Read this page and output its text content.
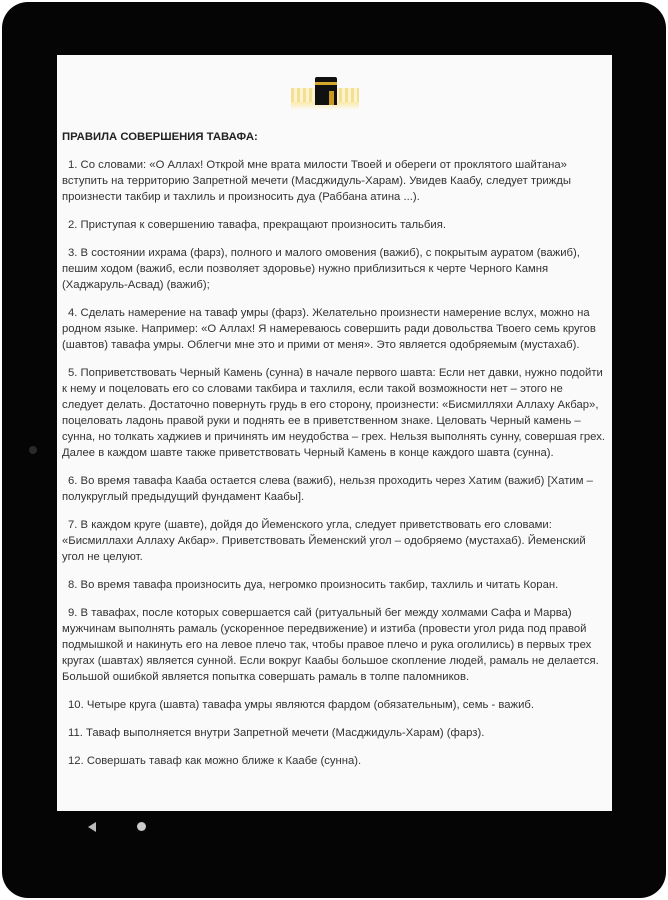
ПРАВИЛА СОВЕРШЕНИЯ ТАВАФА:

1. Со словами: «О Аллах! Открой мне врата милости Твоей и обереги от проклятого шайтана» вступить на территорию Запретной мечети (Масджидуль-Харам). Увидев Каабу, следует трижды произнести такбир и тахлиль и произносить дуа (Раббана атина ...).

2. Приступая к совершению тавафа, прекращают произносить тальбия.

3. В состоянии ихрама (фарз), полного и малого омовения (важиб), с покрытым ауратом (важиб), пешим ходом (важиб, если позволяет здоровье) нужно приблизиться к черте Черного Камня (Хаджаруль-Асвад) (важиб);

4. Сделать намерение на таваф умры (фарз). Желательно произнести намерение вслух, можно на родном языке. Например: «О Аллах! Я намереваюсь совершить ради довольства Твоего семь кругов (шавтов) тавафа умры. Облегчи мне это и прими от меня». Это является одобряемым (мустахаб).

5. Поприветствовать Черный Камень (сунна) в начале первого шавта: Если нет давки, нужно подойти к нему и поцеловать его со словами такбира и тахлиля, если такой возможности нет – этого не следует делать. Достаточно повернуть грудь в его сторону, произнести: «Бисмилляхи Аллаху Акбар», поцеловать ладонь правой руки и поднять ее в приветственном знаке. Целовать Черный камень – сунна, но толкать хаджиев и причинять им неудобства – грех. Нельзя выполнять сунну, совершая грех. Далее в каждом шавте также приветствовать Черный Камень в конце каждого шавта (сунна).

6. Во время тавафа Кааба остается слева (важиб), нельзя проходить через Хатим (важиб) [Хатим – полукруглый предыдущий фундамент Каабы].

7. В каждом круге (шавте), дойдя до Йеменского угла, следует приветствовать его словами: «Бисмиллахи Аллаху Акбар». Приветствовать Йеменский угол – одобряемо (мустахаб). Йеменский угол не целуют.

8. Во время тавафа произносить дуа, негромко произносить такбир, тахлиль и читать Коран.

9. В тавафах, после которых совершается сай (ритуальный бег между холмами Сафа и Марва) мужчинам выполнять рамаль (ускоренное передвижение) и изтиба (провести угол рида под правой подмышкой и накинуть его на левое плечо так, чтобы правое плечо и рука оголились) в первых трех кругах (шавтах) является сунной. Если вокруг Каабы большое скопление людей, рамаль не делается. Большой ошибкой является попытка совершать рамаль в толпе паломников.

10. Четыре круга (шавта) тавафа умры являются фардом (обязательным), семь - важиб.

11. Таваф выполняется внутри Запретной мечети (Масджидуль-Харам) (фарз).

12. Совершать таваф как можно ближе к Каабе (сунна).
